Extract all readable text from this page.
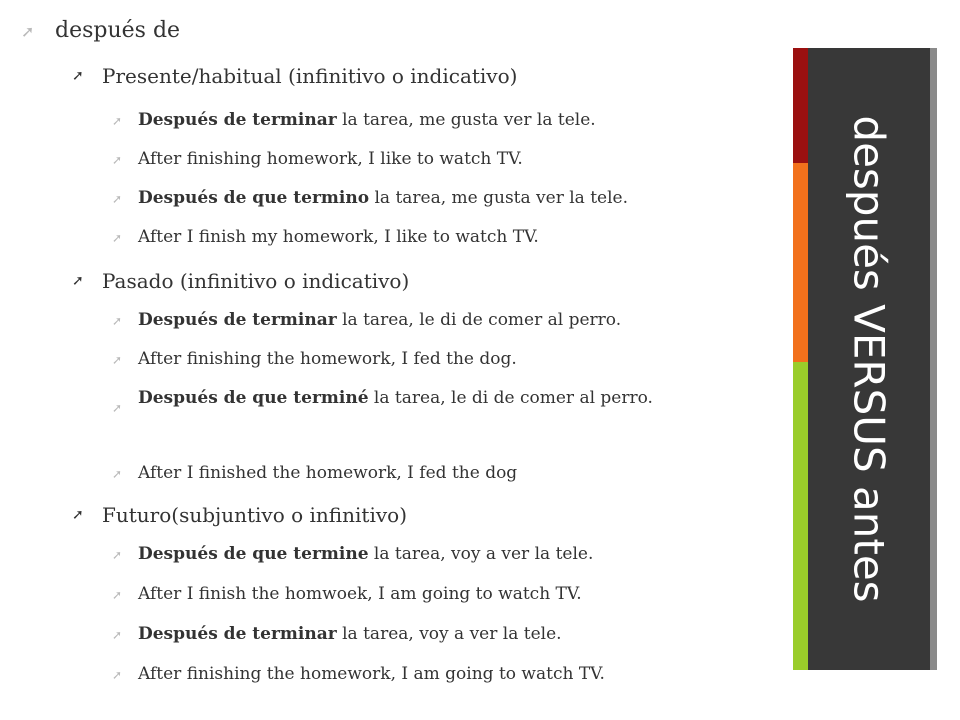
➚ después de
➚ Presente/habitual (infinitivo o indicativo)
➚ Después de terminar la tarea, me gusta ver la tele.
➚ After finishing homework, I like to watch TV.
➚ Después de que termino la tarea, me gusta ver la tele.
➚ After I finish my homework, I like to watch TV.
➚ Pasado (infinitivo o indicativo)
➚ Después de terminar la tarea, le di de comer al perro.
➚ After finishing the homework, I fed the dog.
➚ Después de que terminé la tarea, le di de comer al perro.
➚ After I finished the homework, I fed the dog
➚ Futuro(subjuntivo o infinitivo)
➚ Después de que termine la tarea, voy a ver la tele.
➚ After I finish the homwoek, I am going to watch TV.
➚ Después de terminar la tarea, voy a ver la tele.
➚ After finishing the homework, I am going to watch TV.
después VERSUS antes
